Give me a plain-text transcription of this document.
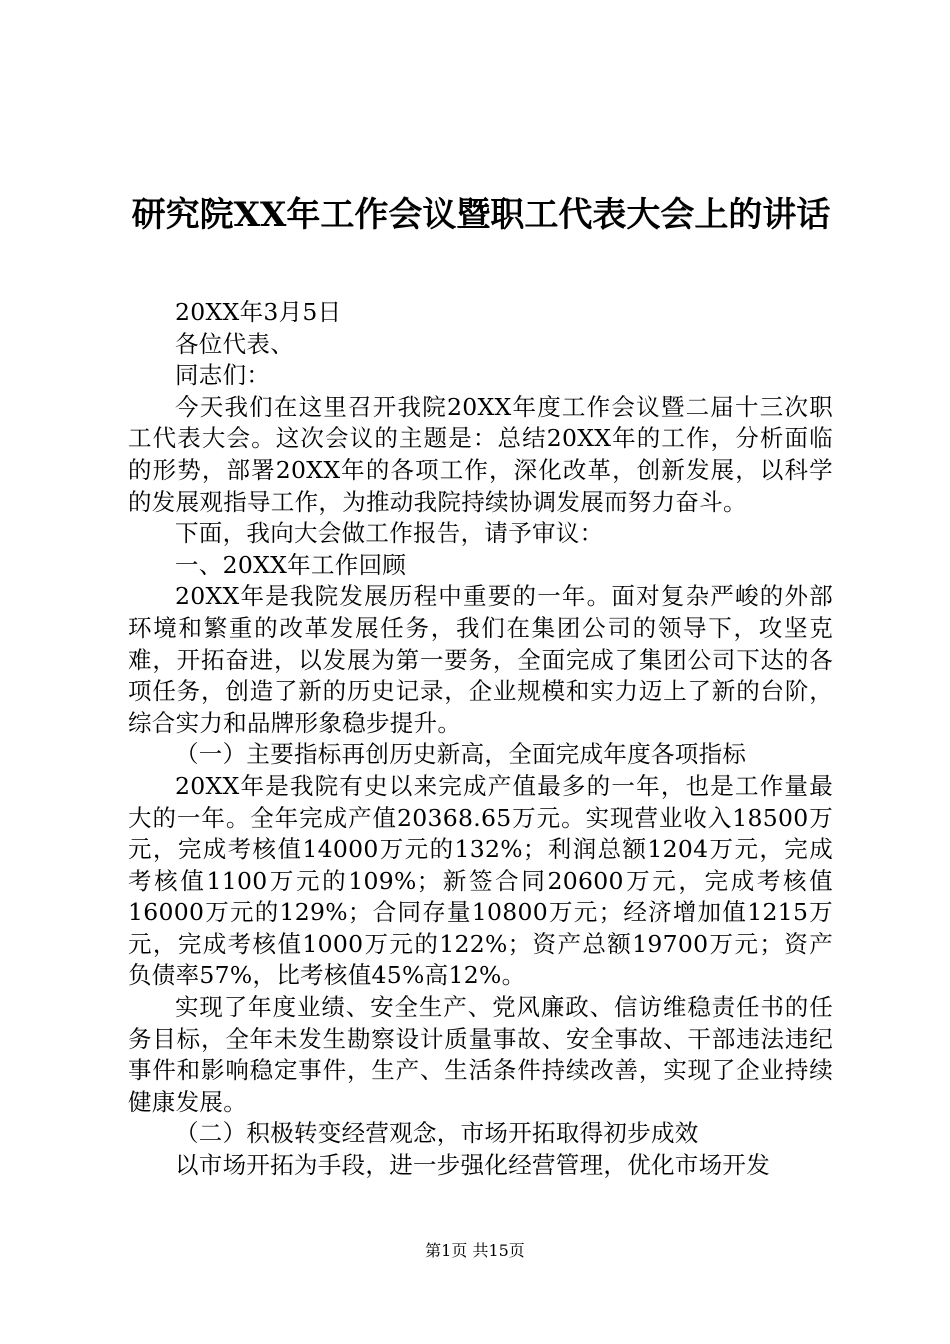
研究院XX年工作会议暨职工代表大会上的讲话

20XX年3月5日

各位代表、

同志们：

今天我们在这里召开我院20XX年度工作会议暨二届十三次职工代表大会。这次会议的主题是：总结20XX年的工作，分析面临的形势，部署20XX年的各项工作，深化改革，创新发展，以科学的发展观指导工作，为推动我院持续协调发展而努力奋斗。

下面，我向大会做工作报告，请予审议：

一、20XX年工作回顾

20XX年是我院发展历程中重要的一年。面对复杂严峻的外部环境和繁重的改革发展任务，我们在集团公司的领导下，攻坚克难，开拓奋进，以发展为第一要务，全面完成了集团公司下达的各项任务，创造了新的历史记录，企业规模和实力迈上了新的台阶，综合实力和品牌形象稳步提升。

（一）主要指标再创历史新高，全面完成年度各项指标

20XX年是我院有史以来完成产值最多的一年，也是工作量最大的一年。全年完成产值20368.65万元。实现营业收入18500万元，完成考核值14000万元的132%；利润总额1204万元，完成考核值1100万元的109%；新签合同20600万元，完成考核值16000万元的129%；合同存量10800万元；经济增加值1215万元，完成考核值1000万元的122%；资产总额19700万元；资产负债率57%，比考核值45%高12%。

实现了年度业绩、安全生产、党风廉政、信访维稳责任书的任务目标，全年未发生勘察设计质量事故、安全事故、干部违法违纪事件和影响稳定事件，生产、生活条件持续改善，实现了企业持续健康发展。

（二）积极转变经营观念，市场开拓取得初步成效

以市场开拓为手段，进一步强化经营管理，优化市场开发

第1页 共15页
